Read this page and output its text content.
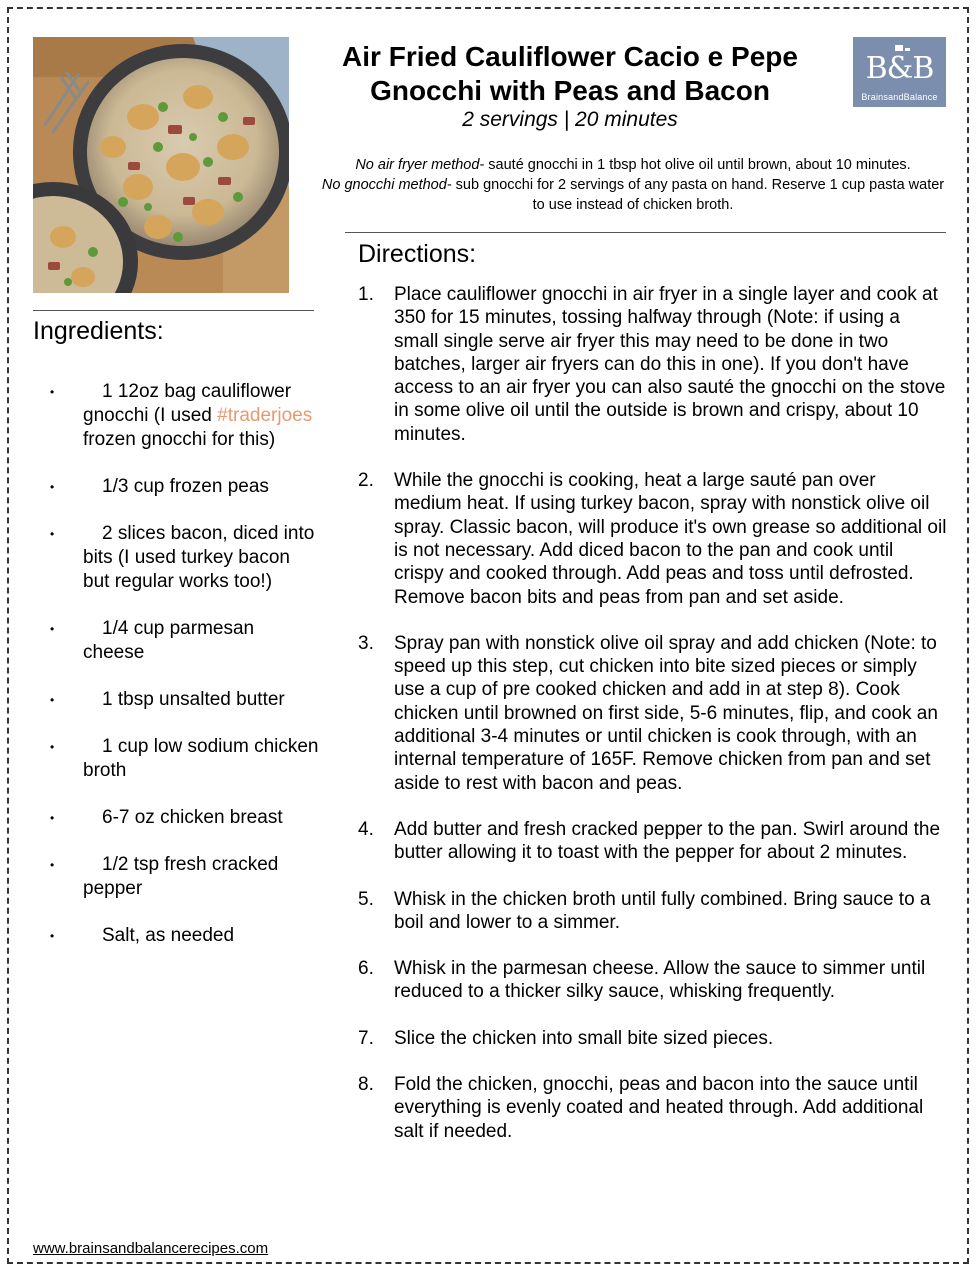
B&B
BrainsandBalance
Air Fried Cauliflower Cacio e Pepe
Gnocchi with Peas and Bacon
2 servings | 20 minutes
No air fryer method- sauté gnocchi in 1 tbsp hot olive oil until brown, about 10 minutes.
No gnocchi method- sub gnocchi for 2 servings of any pasta on hand. Reserve 1 cup pasta water to use instead of chicken broth.
Ingredients:
•	1 12oz bag cauliflower gnocchi (I used #traderjoes frozen gnocchi for this)
•	1/3 cup frozen peas
•	2 slices bacon, diced into bits (I used turkey bacon but regular works too!)
•	1/4 cup parmesan cheese
•	1 tbsp unsalted butter
•	1 cup low sodium chicken broth
•	6-7 oz chicken breast
•	1/2 tsp fresh cracked pepper
•	Salt, as needed
Directions:
1. Place cauliflower gnocchi in air fryer in a single layer and cook at 350 for 15 minutes, tossing halfway through (Note: if using a small single serve air fryer this may need to be done in two batches, larger air fryers can do this in one). If you don't have access to an air fryer you can also sauté the gnocchi on the stove in some olive oil until the outside is brown and crispy, about 10 minutes.
2. While the gnocchi is cooking, heat a large sauté pan over medium heat. If using turkey bacon, spray with nonstick olive oil spray. Classic bacon, will produce it's own grease so additional oil is not necessary. Add diced bacon to the pan and cook until crispy and cooked through. Add peas and toss until defrosted. Remove bacon bits and peas from pan and set aside.
3. Spray pan with nonstick olive oil spray and add chicken (Note: to speed up this step, cut chicken into bite sized pieces or simply use a cup of pre cooked chicken and add in at step 8). Cook chicken until browned on first side, 5-6 minutes, flip, and cook an additional 3-4 minutes or until chicken is cook through, with an internal temperature of 165F. Remove chicken from pan and set aside to rest with bacon and peas.
4. Add butter and fresh cracked pepper to the pan. Swirl around the butter allowing it to toast with the pepper for about 2 minutes.
5. Whisk in the chicken broth until fully combined. Bring sauce to a boil and lower to a simmer.
6. Whisk in the parmesan cheese. Allow the sauce to simmer until reduced to a thicker silky sauce, whisking frequently.
7. Slice the chicken into small bite sized pieces.
8. Fold the chicken, gnocchi, peas and bacon into the sauce until everything is evenly coated and heated through. Add additional salt if needed.
www.brainsandbalancerecipes.com
